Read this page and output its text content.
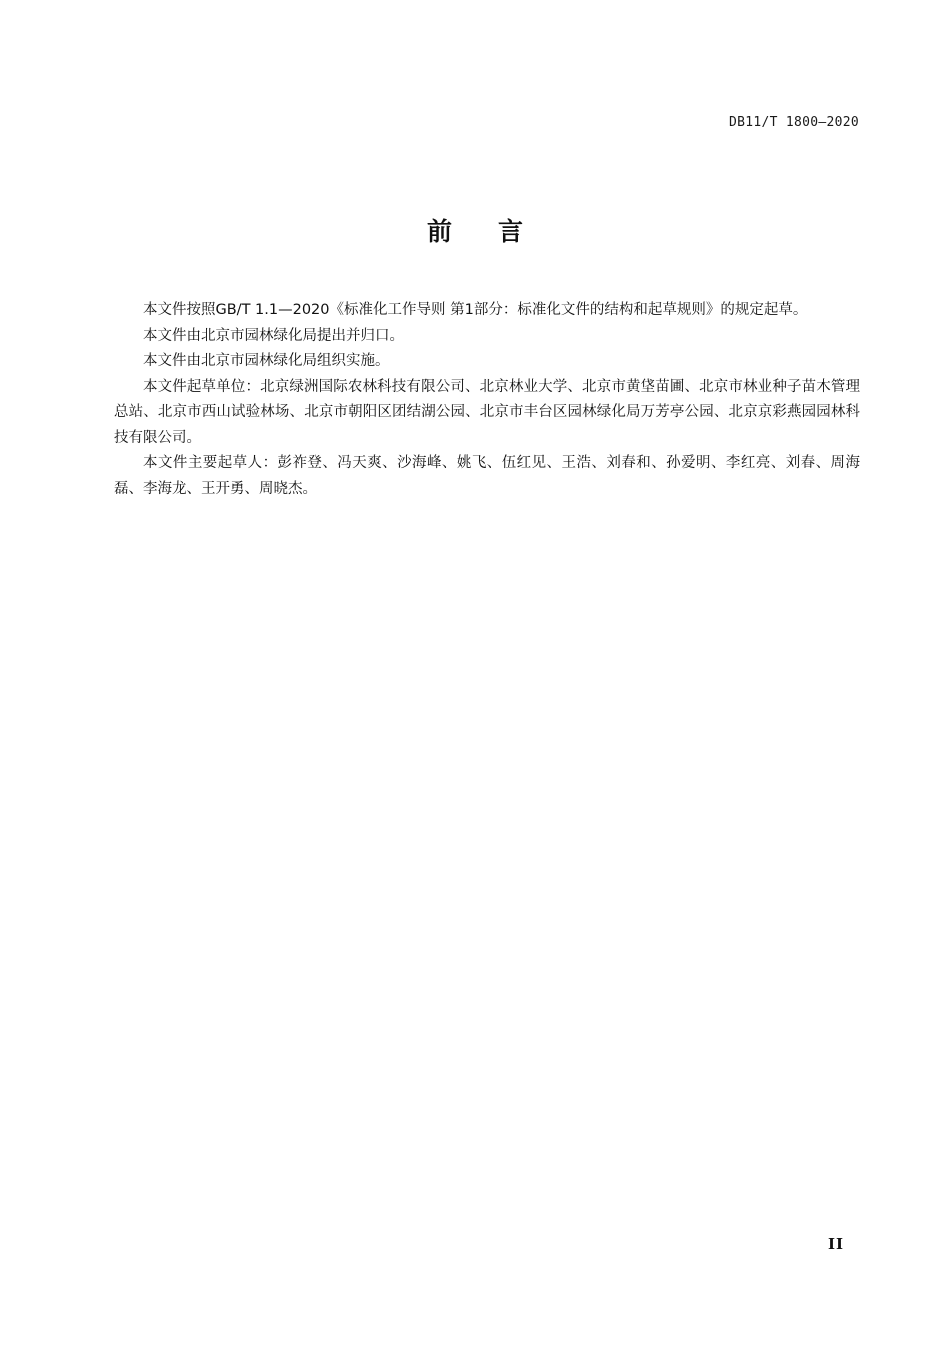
DB11/T 1800—2020
前言

本文件按照GB/T 1.1—2020《标准化工作导则 第1部分：标准化文件的结构和起草规则》的规定起草。

本文件由北京市园林绿化局提出并归口。

本文件由北京市园林绿化局组织实施。

本文件起草单位：北京绿洲国际农林科技有限公司、北京林业大学、北京市黄垡苗圃、北京市林业种子苗木管理总站、北京市西山试验林场、北京市朝阳区团结湖公园、北京市丰台区园林绿化局万芳亭公园、北京京彩燕园园林科技有限公司。

本文件主要起草人：彭祚登、冯天爽、沙海峰、姚飞、伍红见、王浩、刘春和、孙爱明、李红亮、刘春、周海磊、李海龙、王开勇、周晓杰。

II
